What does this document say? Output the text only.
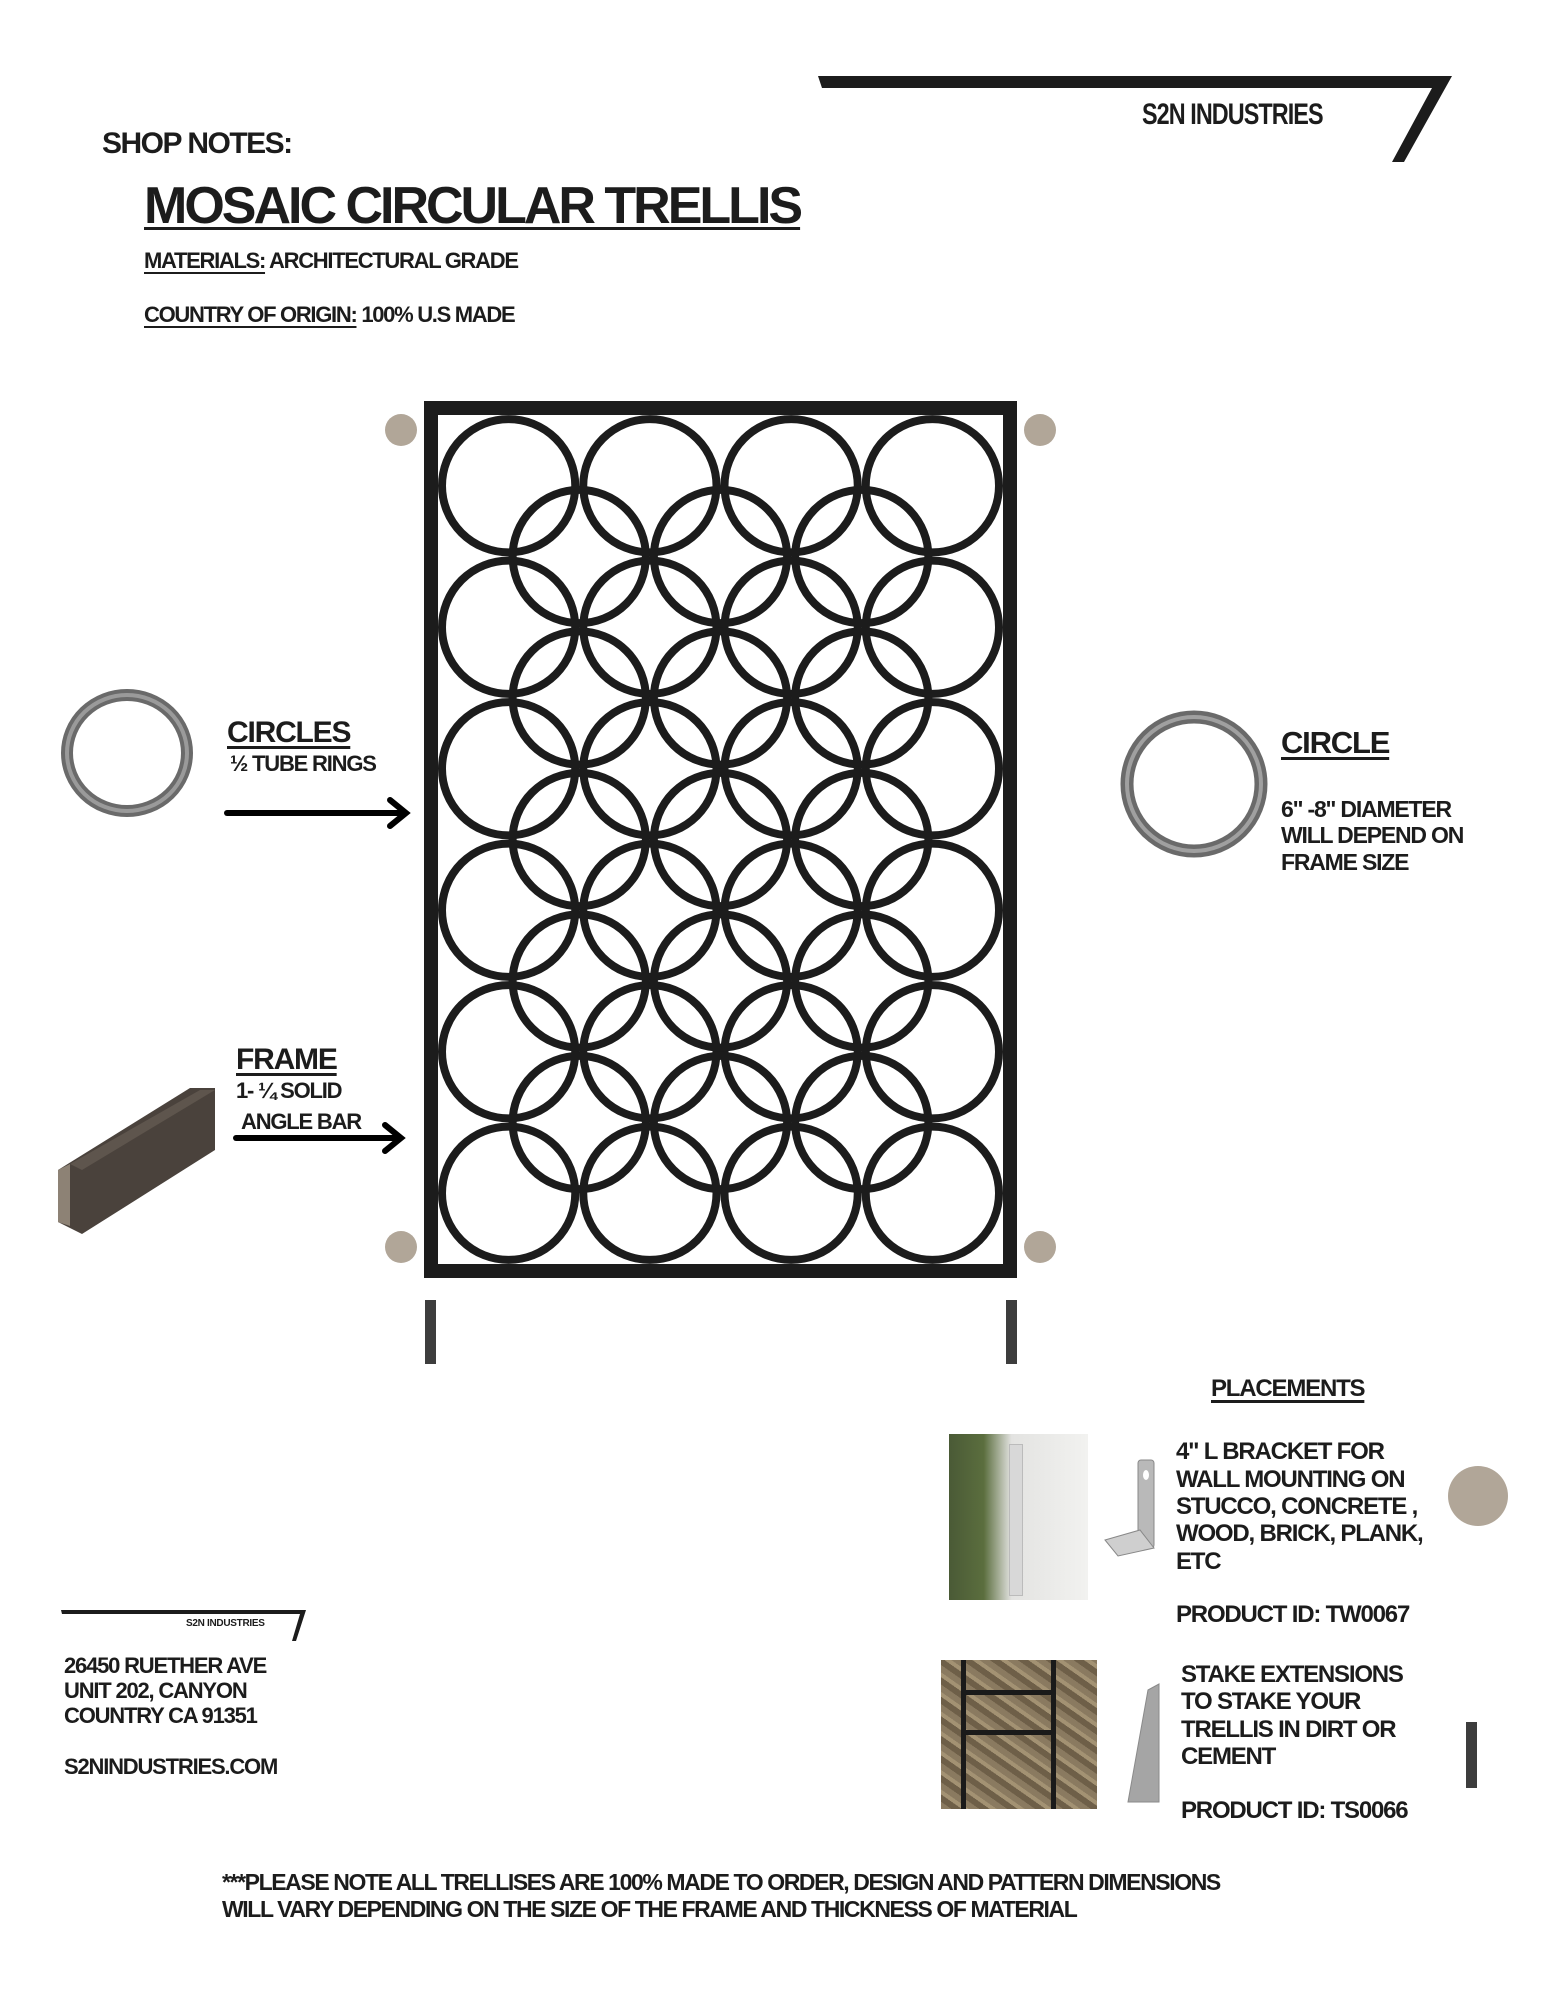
S2N INDUSTRIES
SHOP NOTES:
MOSAIC CIRCULAR TRELLIS
MATERIALS: ARCHITECTURAL GRADE
COUNTRY OF ORIGIN: 100% U.S MADE
CIRCLES
½ TUBE RINGS
FRAME
1- ¼ SOLID
ANGLE BAR
CIRCLE
6" -8" DIAMETER
WILL DEPEND ON
FRAME SIZE
PLACEMENTS
4" L BRACKET FOR
WALL MOUNTING ON
STUCCO, CONCRETE ,
WOOD, BRICK, PLANK,
ETC
PRODUCT ID: TW0067
STAKE EXTENSIONS
TO STAKE YOUR
TRELLIS IN DIRT OR
CEMENT
PRODUCT ID: TS0066
S2N INDUSTRIES
26450 RUETHER AVE
UNIT 202, CANYON
COUNTRY CA 91351
S2NINDUSTRIES.COM
***PLEASE NOTE ALL TRELLISES ARE 100% MADE TO ORDER, DESIGN AND PATTERN DIMENSIONS
WILL VARY DEPENDING ON THE SIZE OF THE FRAME AND THICKNESS OF MATERIAL
